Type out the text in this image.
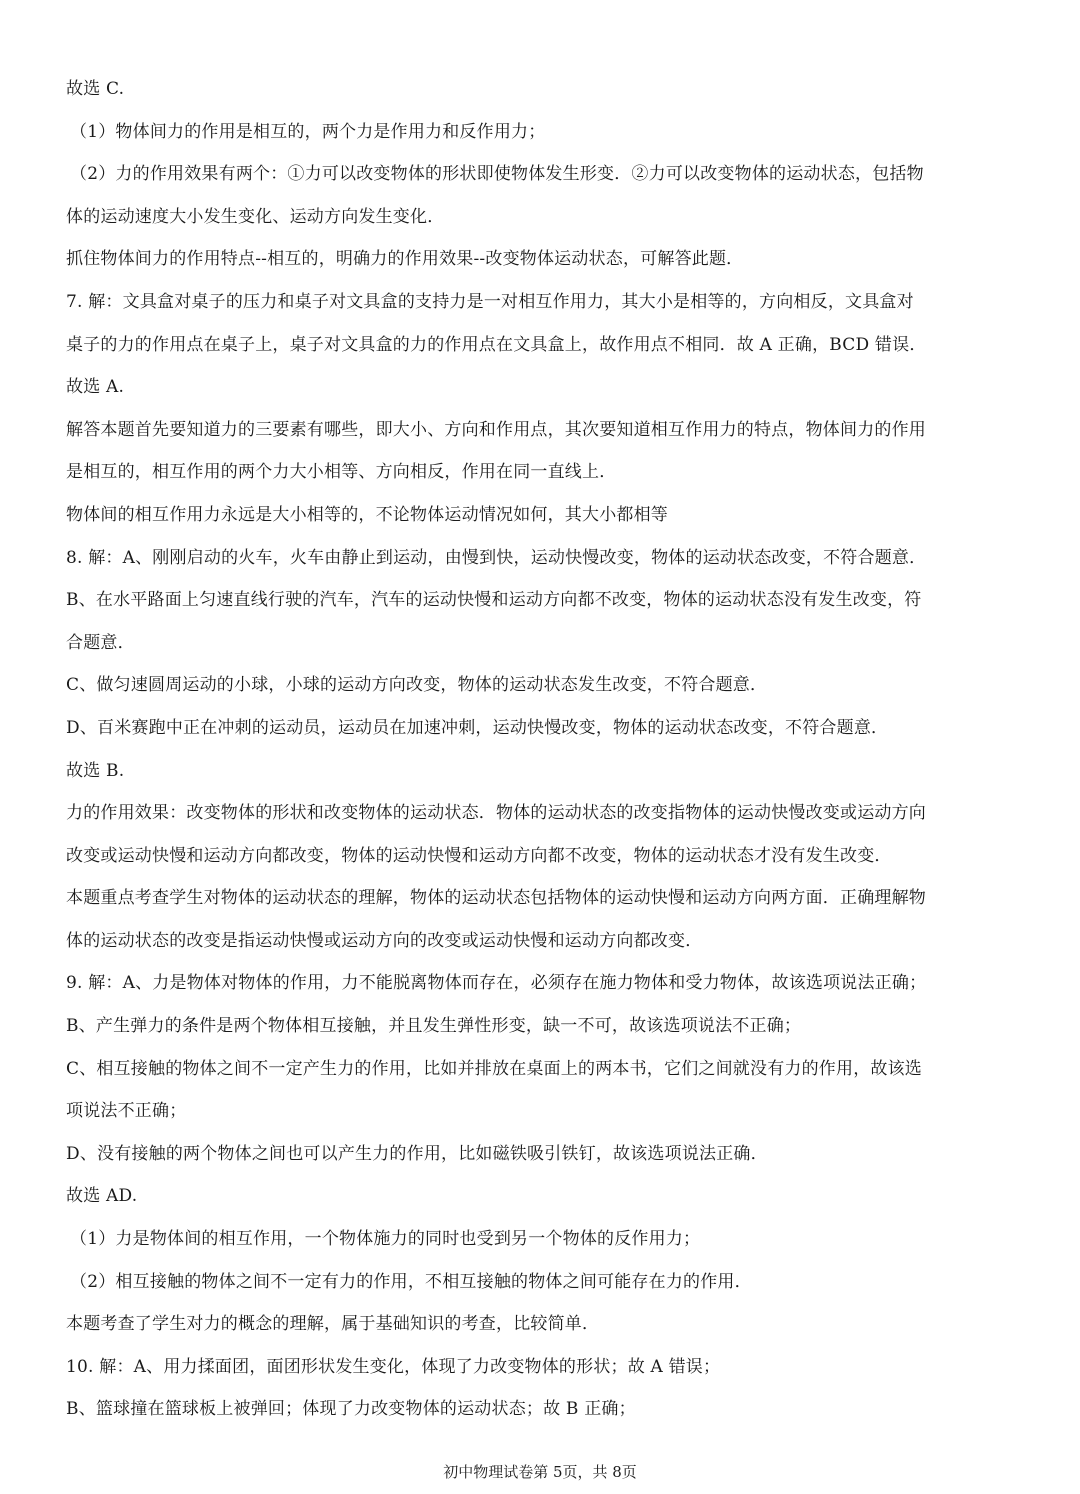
故选 C.
（1）物体间力的作用是相互的，两个力是作用力和反作用力；
（2）力的作用效果有两个：①力可以改变物体的形状即使物体发生形变．②力可以改变物体的运动状态，包括物
体的运动速度大小发生变化、运动方向发生变化．
抓住物体间力的作用特点--相互的，明确力的作用效果--改变物体运动状态，可解答此题．
7. 解：文具盒对桌子的压力和桌子对文具盒的支持力是一对相互作用力，其大小是相等的，方向相反，文具盒对
桌子的力的作用点在桌子上，桌子对文具盒的力的作用点在文具盒上，故作用点不相同．故 A 正确，BCD 错误．
故选 A.
解答本题首先要知道力的三要素有哪些，即大小、方向和作用点，其次要知道相互作用力的特点，物体间力的作用
是相互的，相互作用的两个力大小相等、方向相反，作用在同一直线上．
物体间的相互作用力永远是大小相等的，不论物体运动情况如何，其大小都相等
8. 解：A、刚刚启动的火车，火车由静止到运动，由慢到快，运动快慢改变，物体的运动状态改变，不符合题意．
B、在水平路面上匀速直线行驶的汽车，汽车的运动快慢和运动方向都不改变，物体的运动状态没有发生改变，符
合题意．
C、做匀速圆周运动的小球，小球的运动方向改变，物体的运动状态发生改变，不符合题意．
D、百米赛跑中正在冲刺的运动员，运动员在加速冲刺，运动快慢改变，物体的运动状态改变，不符合题意．
故选 B.
力的作用效果：改变物体的形状和改变物体的运动状态．物体的运动状态的改变指物体的运动快慢改变或运动方向
改变或运动快慢和运动方向都改变，物体的运动快慢和运动方向都不改变，物体的运动状态才没有发生改变．
本题重点考查学生对物体的运动状态的理解，物体的运动状态包括物体的运动快慢和运动方向两方面．正确理解物
体的运动状态的改变是指运动快慢或运动方向的改变或运动快慢和运动方向都改变．
9. 解：A、力是物体对物体的作用，力不能脱离物体而存在，必须存在施力物体和受力物体，故该选项说法正确；
B、产生弹力的条件是两个物体相互接触，并且发生弹性形变，缺一不可，故该选项说法不正确；
C、相互接触的物体之间不一定产生力的作用，比如并排放在桌面上的两本书，它们之间就没有力的作用，故该选
项说法不正确；
D、没有接触的两个物体之间也可以产生力的作用，比如磁铁吸引铁钉，故该选项说法正确．
故选 AD.
（1）力是物体间的相互作用，一个物体施力的同时也受到另一个物体的反作用力；
（2）相互接触的物体之间不一定有力的作用，不相互接触的物体之间可能存在力的作用．
本题考查了学生对力的概念的理解，属于基础知识的考查，比较简单．
10. 解：A、用力揉面团，面团形状发生变化，体现了力改变物体的形状；故 A 错误；
B、篮球撞在篮球板上被弹回；体现了力改变物体的运动状态；故 B 正确；
初中物理试卷第 5页，共 8页
